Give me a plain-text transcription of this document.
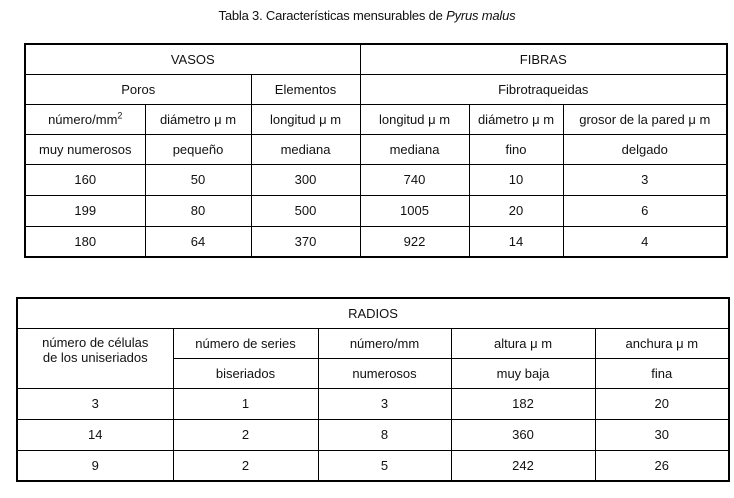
Tabla 3. Características mensurables de Pyrus malus
VASOS			FIBRAS		
Poros		Elementos	Fibrotraqueidas		
número/$mm^2$	diámetro μ m	longitud μ m	longitud μ m	diámetro μ m	grosor de la pared μ m
muy numerosos	pequeño	mediana	mediana	fino	delgado
160	50	300	740	10	3
199	80	500	1005	20	6
180	64	370	922	14	4
RADIOS				
número de células
de los uniseriados	número de series	número/mm	altura μ m	anchura μ m
	biseriados	numerosos	muy baja	fina
3	1	3	182	20
14	2	8	360	30
9	2	5	242	26
